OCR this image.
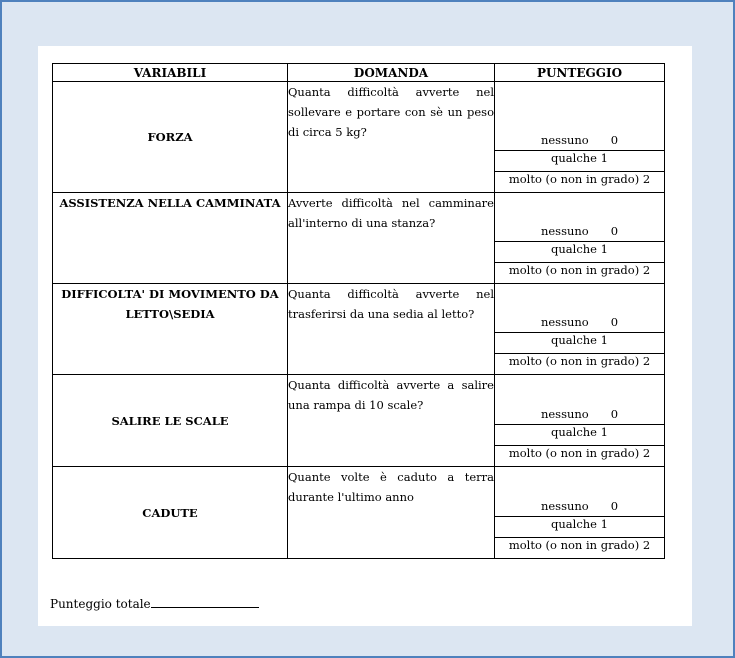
VARIABILI	DOMANDA	PUNTEGGIO
FORZA	Quanta difficoltà avverte nel sollevare e portare con sè un peso di circa 5 kg?	nessuno 0
		qualche 1
		molto (o non in grado) 2
ASSISTENZA NELLA CAMMINATA	Avverte difficoltà nel camminare all'interno di una stanza?	nessuno 0
		qualche 1
		molto (o non in grado) 2
DIFFICOLTA' DI MOVIMENTO DA LETTO\SEDIA	Quanta difficoltà avverte nel trasferirsi da una sedia al letto?	nessuno 0
		qualche 1
		molto (o non in grado) 2
SALIRE LE SCALE	Quanta difficoltà avverte a salire una rampa di 10 scale?	nessuno 0
		qualche 1
		molto (o non in grado) 2
CADUTE	Quante volte è caduto a terra durante l'ultimo anno	nessuno 0
		qualche 1
		molto (o non in grado) 2
Punteggio totale
